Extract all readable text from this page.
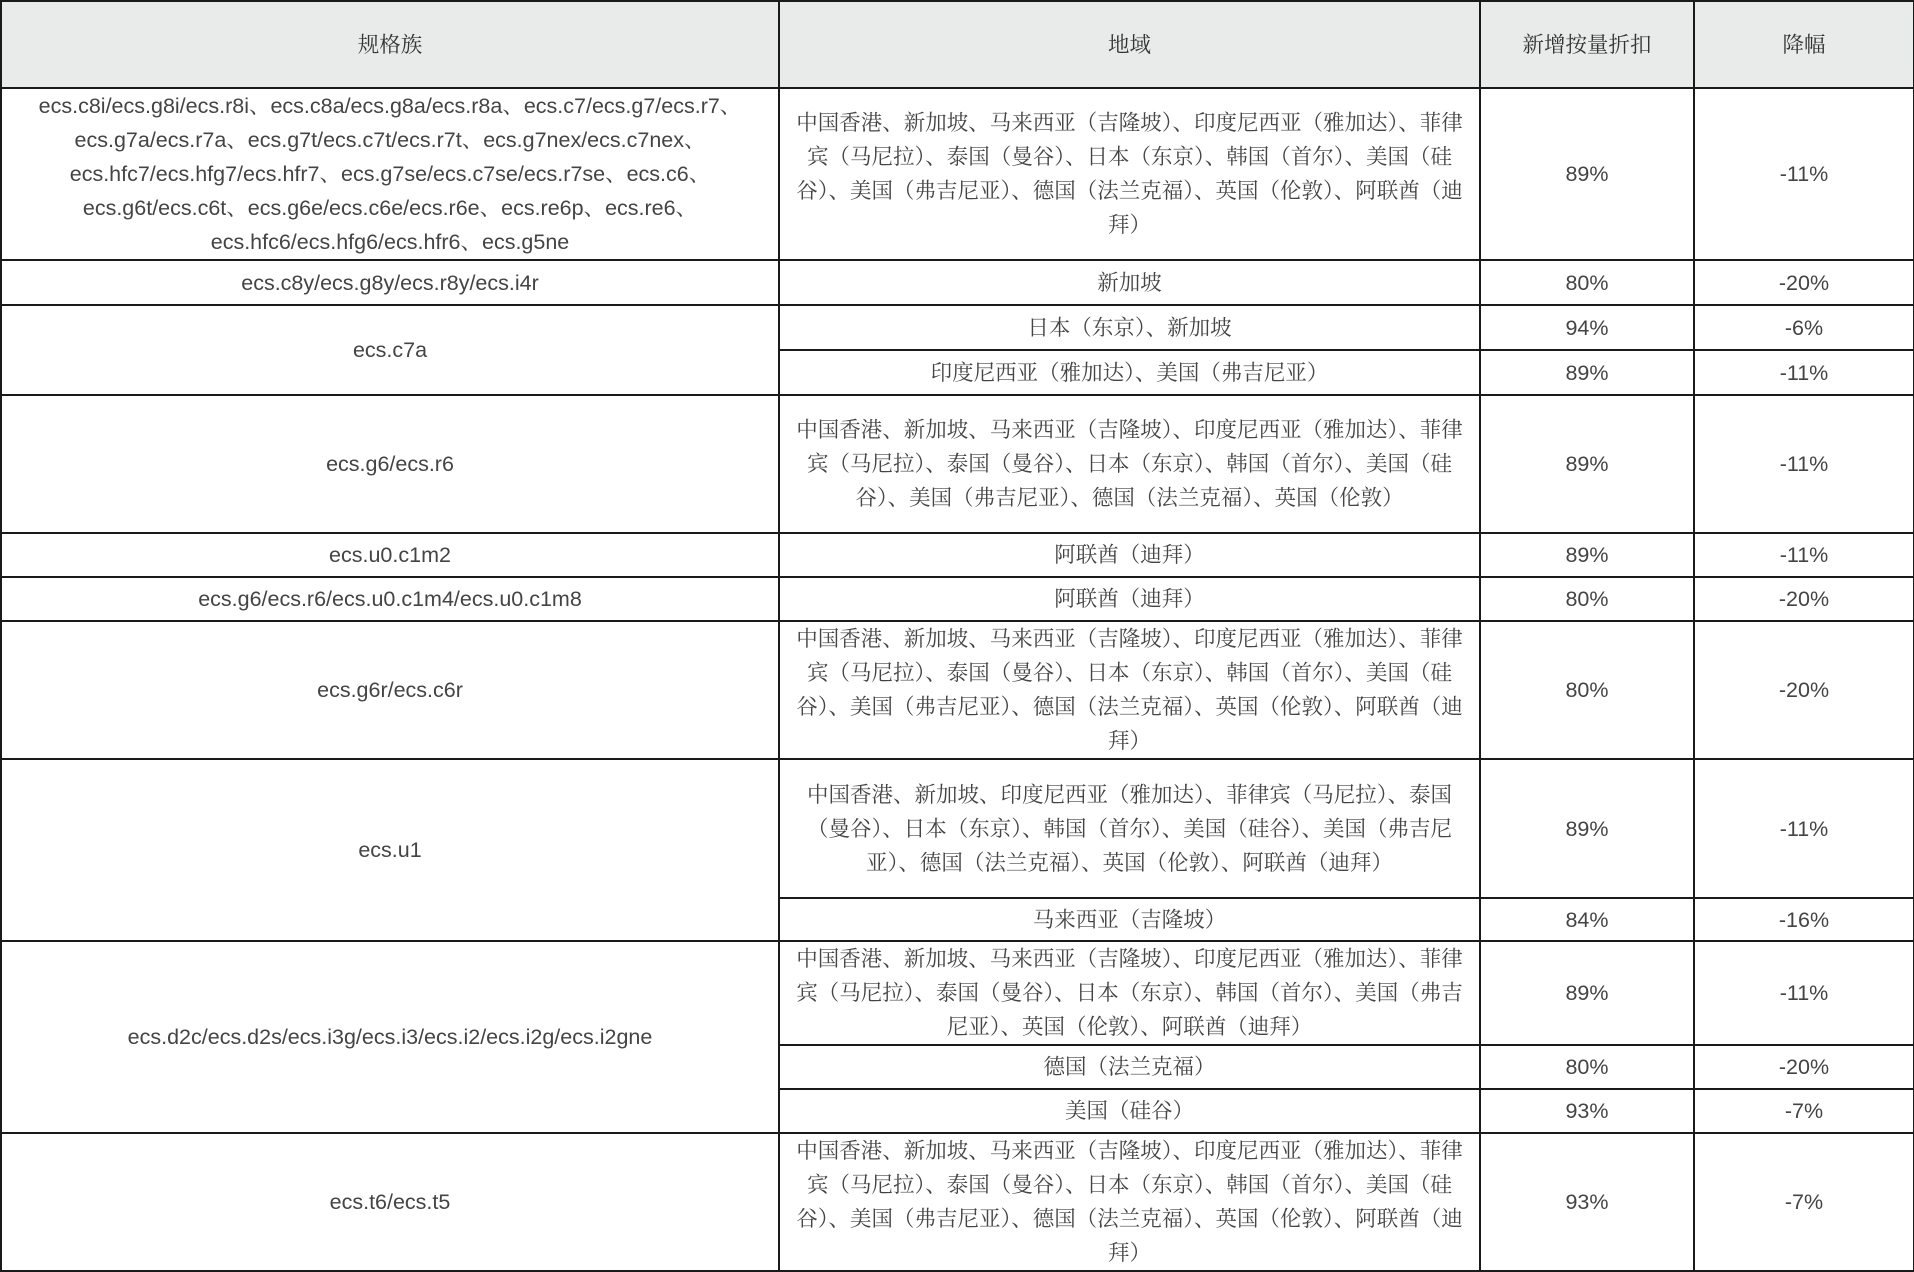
规格族	地域	新增按量折扣	降幅
ecs.c8i/ecs.g8i/ecs.r8i、ecs.c8a/ecs.g8a/ecs.r8a、ecs.c7/ecs.g7/ecs.r7、ecs.g7a/ecs.r7a、ecs.g7t/ecs.c7t/ecs.r7t、ecs.g7nex/ecs.c7nex、ecs.hfc7/ecs.hfg7/ecs.hfr7、ecs.g7se/ecs.c7se/ecs.r7se、ecs.c6、ecs.g6t/ecs.c6t、ecs.g6e/ecs.c6e/ecs.r6e、ecs.re6p、ecs.re6、ecs.hfc6/ecs.hfg6/ecs.hfr6、ecs.g5ne	中国香港、新加坡、马来西亚（吉隆坡）、印度尼西亚（雅加达）、菲律宾（马尼拉）、泰国（曼谷）、日本（东京）、韩国（首尔）、美国（硅谷）、美国（弗吉尼亚）、德国（法兰克福）、英国（伦敦）、阿联酋（迪拜）	89%	-11%
ecs.c8y/ecs.g8y/ecs.r8y/ecs.i4r	新加坡	80%	-20%
ecs.c7a	日本（东京）、新加坡	94%	-6%
	印度尼西亚（雅加达）、美国（弗吉尼亚）	89%	-11%
ecs.g6/ecs.r6	中国香港、新加坡、马来西亚（吉隆坡）、印度尼西亚（雅加达）、菲律宾（马尼拉）、泰国（曼谷）、日本（东京）、韩国（首尔）、美国（硅谷）、美国（弗吉尼亚）、德国（法兰克福）、英国（伦敦）	89%	-11%
ecs.u0.c1m2	阿联酋（迪拜）	89%	-11%
ecs.g6/ecs.r6/ecs.u0.c1m4/ecs.u0.c1m8	阿联酋（迪拜）	80%	-20%
ecs.g6r/ecs.c6r	中国香港、新加坡、马来西亚（吉隆坡）、印度尼西亚（雅加达）、菲律宾（马尼拉）、泰国（曼谷）、日本（东京）、韩国（首尔）、美国（硅谷）、美国（弗吉尼亚）、德国（法兰克福）、英国（伦敦）、阿联酋（迪拜）	80%	-20%
ecs.u1	中国香港、新加坡、印度尼西亚（雅加达）、菲律宾（马尼拉）、泰国（曼谷）、日本（东京）、韩国（首尔）、美国（硅谷）、美国（弗吉尼亚）、德国（法兰克福）、英国（伦敦）、阿联酋（迪拜）	89%	-11%
	马来西亚（吉隆坡）	84%	-16%
ecs.d2c/ecs.d2s/ecs.i3g/ecs.i3/ecs.i2/ecs.i2g/ecs.i2gne	中国香港、新加坡、马来西亚（吉隆坡）、印度尼西亚（雅加达）、菲律宾（马尼拉）、泰国（曼谷）、日本（东京）、韩国（首尔）、美国（弗吉尼亚）、英国（伦敦）、阿联酋（迪拜）	89%	-11%
	德国（法兰克福）	80%	-20%
	美国（硅谷）	93%	-7%
ecs.t6/ecs.t5	中国香港、新加坡、马来西亚（吉隆坡）、印度尼西亚（雅加达）、菲律宾（马尼拉）、泰国（曼谷）、日本（东京）、韩国（首尔）、美国（硅谷）、美国（弗吉尼亚）、德国（法兰克福）、英国（伦敦）、阿联酋（迪拜）	93%	-7%
